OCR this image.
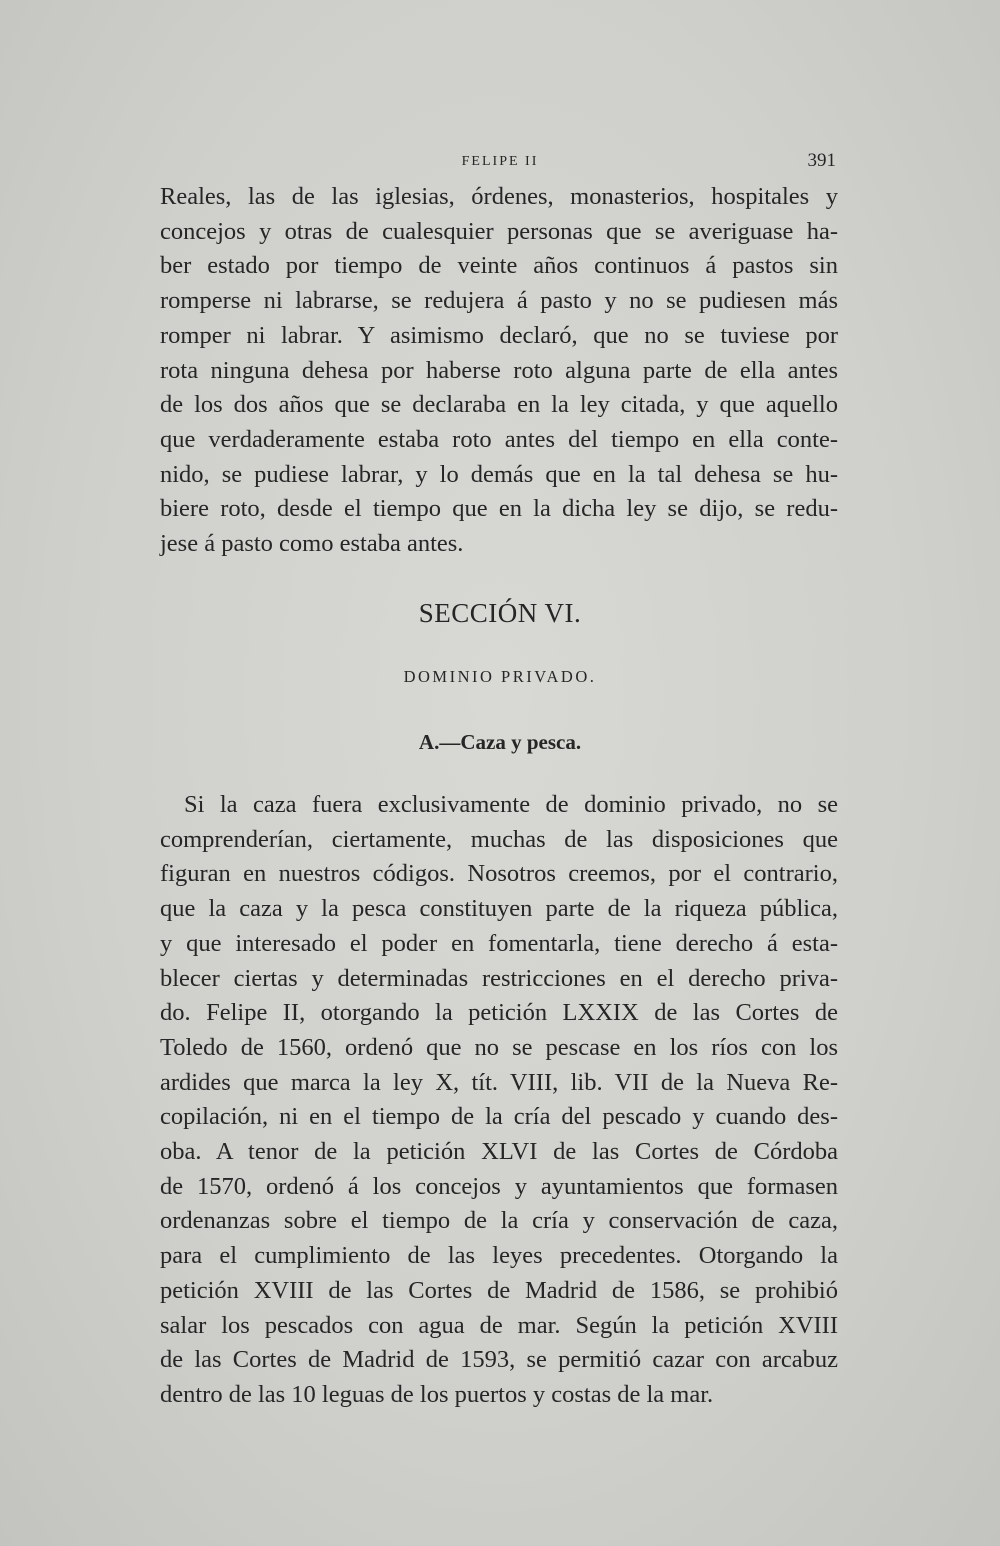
FELIPE II	391

Reales, las de las iglesias, órdenes, monasterios, hospitales y
concejos y otras de cualesquier personas que se averiguase ha-
ber estado por tiempo de veinte años continuos á pastos sin
romperse ni labrarse, se redujera á pasto y no se pudiesen más
romper ni labrar. Y asimismo declaró, que no se tuviese por
rota ninguna dehesa por haberse roto alguna parte de ella antes
de los dos años que se declaraba en la ley citada, y que aquello
que verdaderamente estaba roto antes del tiempo en ella conte-
nido, se pudiese labrar, y lo demás que en la tal dehesa se hu-
biere roto, desde el tiempo que en la dicha ley se dijo, se redu-
jese á pasto como estaba antes.

SECCIÓN VI.
DOMINIO PRIVADO.
A.—Caza y pesca.

Si la caza fuera exclusivamente de dominio privado, no se
comprenderían, ciertamente, muchas de las disposiciones que
figuran en nuestros códigos. Nosotros creemos, por el contrario,
que la caza y la pesca constituyen parte de la riqueza pública,
y que interesado el poder en fomentarla, tiene derecho á esta-
blecer ciertas y determinadas restricciones en el derecho priva-
do. Felipe II, otorgando la petición LXXIX de las Cortes de
Toledo de 1560, ordenó que no se pescase en los ríos con los
ardides que marca la ley X, tít. VIII, lib. VII de la Nueva Re-
copilación, ni en el tiempo de la cría del pescado y cuando des-
oba. A tenor de la petición XLVI de las Cortes de Córdoba
de 1570, ordenó á los concejos y ayuntamientos que formasen
ordenanzas sobre el tiempo de la cría y conservación de caza,
para el cumplimiento de las leyes precedentes. Otorgando la
petición XVIII de las Cortes de Madrid de 1586, se prohibió
salar los pescados con agua de mar. Según la petición XVIII
de las Cortes de Madrid de 1593, se permitió cazar con arcabuz
dentro de las 10 leguas de los puertos y costas de la mar.
